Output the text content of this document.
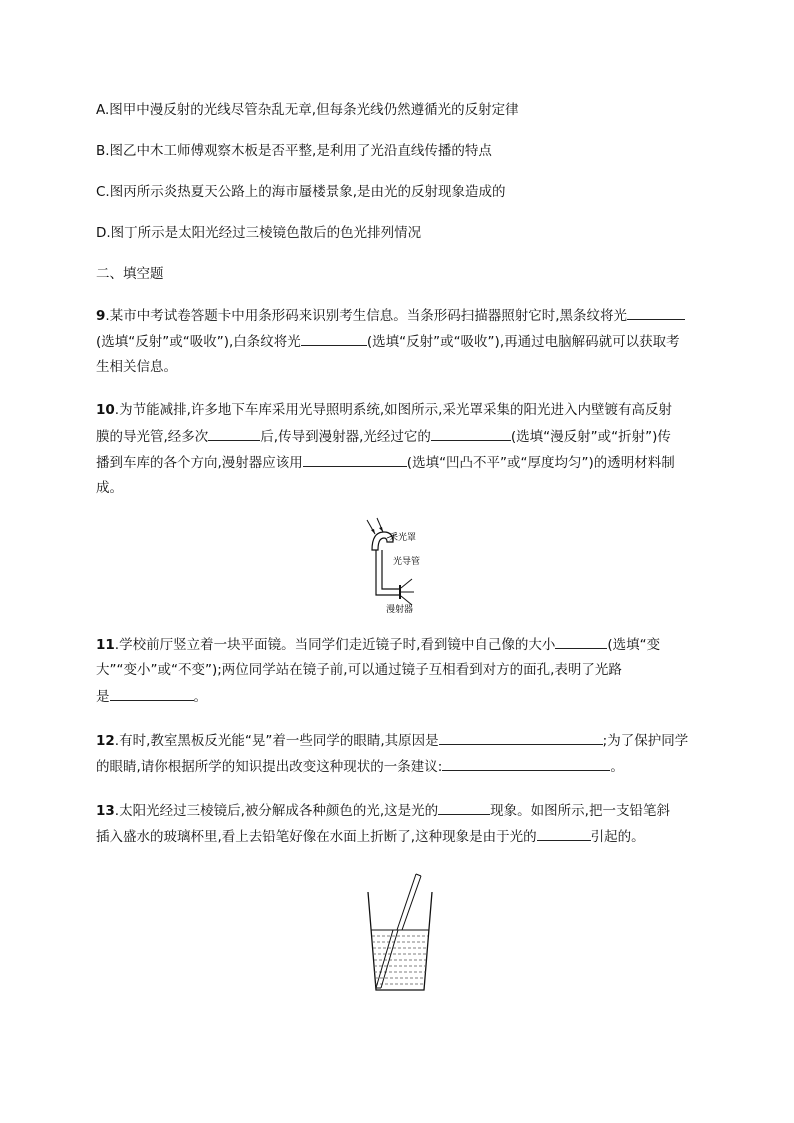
A.图甲中漫反射的光线尽管杂乱无章,但每条光线仍然遵循光的反射定律
B.图乙中木工师傅观察木板是否平整,是利用了光沿直线传播的特点
C.图丙所示炎热夏天公路上的海市蜃楼景象,是由光的反射现象造成的
D.图丁所示是太阳光经过三棱镜色散后的色光排列情况
二、填空题
9.某市中考试卷答题卡中用条形码来识别考生信息。当条形码扫描器照射它时,黑条纹将光
(选填“反射”或“吸收”),白条纹将光	(选填“反射”或“吸收”),再通过电脑解码就可以获取考
生相关信息。
10.为节能减排,许多地下车库采用光导照明系统,如图所示,采光罩采集的阳光进入内壁镀有高反射
膜的导光管,经多次	后,传导到漫射器,光经过它的	(选填“漫反射”或“折射”)传
播到车库的各个方向,漫射器应该用	(选填“凹凸不平”或“厚度均匀”)的透明材料制
成。
采光罩
光导管
漫射器
11.学校前厅竖立着一块平面镜。当同学们走近镜子时,看到镜中自己像的大小	(选填“变
大”“变小”或“不变”);两位同学站在镜子前,可以通过镜子互相看到对方的面孔,表明了光路
是	。
12.有时,教室黑板反光能“晃”着一些同学的眼睛,其原因是	;为了保护同学
的眼睛,请你根据所学的知识提出改变这种现状的一条建议:	。
13.太阳光经过三棱镜后,被分解成各种颜色的光,这是光的	现象。如图所示,把一支铅笔斜
插入盛水的玻璃杯里,看上去铅笔好像在水面上折断了,这种现象是由于光的	引起的。
